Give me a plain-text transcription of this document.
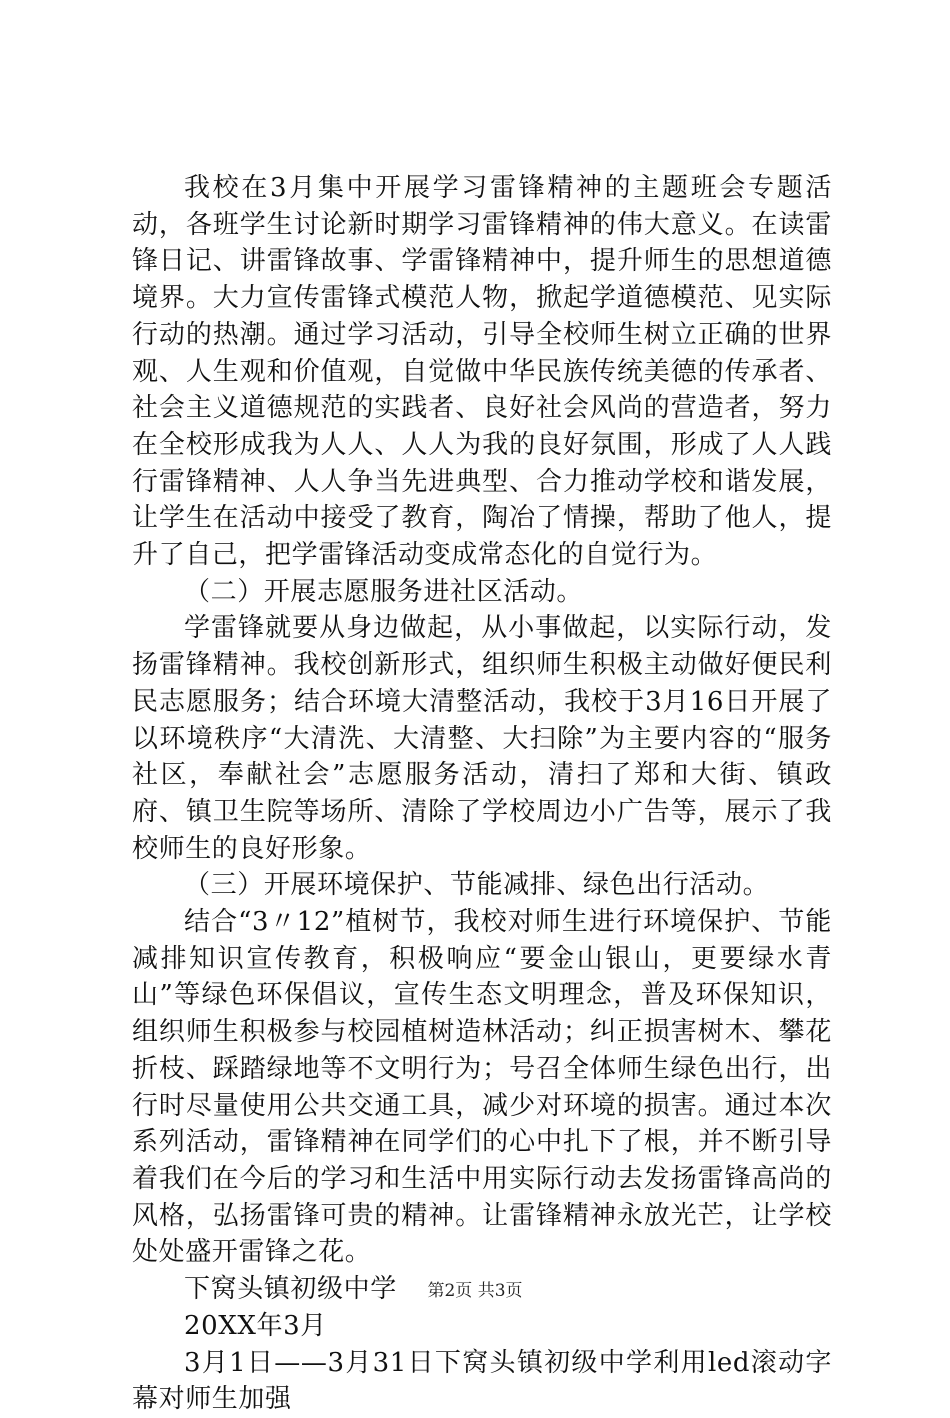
我校在3月集中开展学习雷锋精神的主题班会专题活动，各班学生讨论新时期学习雷锋精神的伟大意义。在读雷锋日记、讲雷锋故事、学雷锋精神中，提升师生的思想道德境界。大力宣传雷锋式模范人物，掀起学道德模范、见实际行动的热潮。通过学习活动，引导全校师生树立正确的世界观、人生观和价值观，自觉做中华民族传统美德的传承者、社会主义道德规范的实践者、良好社会风尚的营造者，努力在全校形成我为人人、人人为我的良好氛围，形成了人人践行雷锋精神、人人争当先进典型、合力推动学校和谐发展，让学生在活动中接受了教育，陶冶了情操，帮助了他人，提升了自己，把学雷锋活动变成常态化的自觉行为。

（二）开展志愿服务进社区活动。

学雷锋就要从身边做起，从小事做起，以实际行动，发扬雷锋精神。我校创新形式，组织师生积极主动做好便民利民志愿服务；结合环境大清整活动，我校于3月16日开展了以环境秩序“大清洗、大清整、大扫除”为主要内容的“服务社区，奉献社会”志愿服务活动，清扫了郑和大街、镇政府、镇卫生院等场所、清除了学校周边小广告等，展示了我校师生的良好形象。

（三）开展环境保护、节能减排、绿色出行活动。

结合“3〃12”植树节，我校对师生进行环境保护、节能减排知识宣传教育，积极响应“要金山银山，更要绿水青山”等绿色环保倡议，宣传生态文明理念，普及环保知识，组织师生积极参与校园植树造林活动；纠正损害树木、攀花折枝、踩踏绿地等不文明行为；号召全体师生绿色出行，出行时尽量使用公共交通工具，减少对环境的损害。通过本次系列活动，雷锋精神在同学们的心中扎下了根，并不断引导着我们在今后的学习和生活中用实际行动去发扬雷锋高尚的风格，弘扬雷锋可贵的精神。让雷锋精神永放光芒，让学校处处盛开雷锋之花。

下窝头镇初级中学

20XX年3月

3月1日——3月31日下窝头镇初级中学利用led滚动字幕对师生加强

第2页 共3页
